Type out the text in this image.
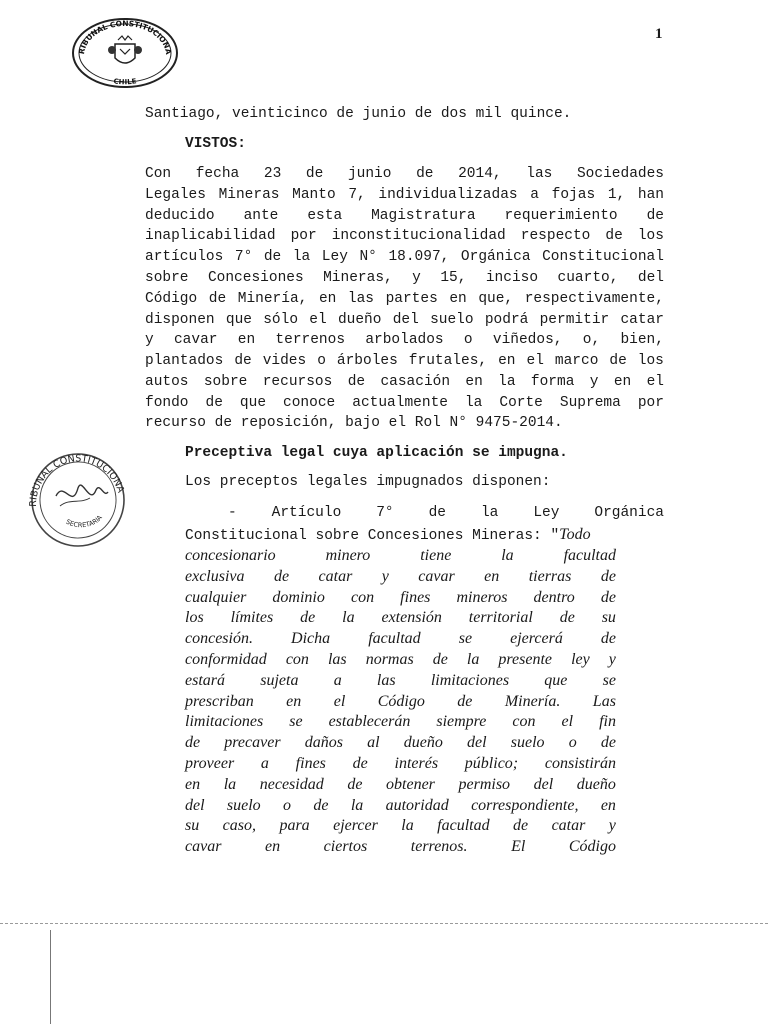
1
RIBUNAL CONSTITUCIONA
CHILE
RIBUNAL CONSTITUCIONA
SECRETARIA
Santiago, veinticinco de junio de dos mil quince.
VISTOS:
Con fecha 23 de junio de 2014, las Sociedades
Legales Mineras Manto 7, individualizadas a fojas 1, han
deducido ante esta Magistratura requerimiento de
inaplicabilidad por inconstitucionalidad respecto de los
artículos 7° de la Ley N° 18.097, Orgánica Constitucional
sobre Concesiones Mineras, y 15, inciso cuarto, del
Código de Minería, en las partes en que, respectivamente,
disponen que sólo el dueño del suelo podrá permitir catar
y cavar en terrenos arbolados o viñedos, o, bien,
plantados de vides o árboles frutales, en el marco de los
autos sobre recursos de casación en la forma y en el
fondo de que conoce actualmente la Corte Suprema por
recurso de reposición, bajo el Rol N° 9475-2014.
Preceptiva legal cuya aplicación se impugna.
Los preceptos legales impugnados disponen:
- Artículo 7° de la Ley Orgánica
Constitucional sobre Concesiones Mineras: "Todo
concesionario	minero	tiene	la	facultad
exclusiva de catar y cavar en tierras de
cualquier dominio con fines mineros dentro de
los límites de la extensión territorial de su
concesión. Dicha facultad se ejercerá de
conformidad con las normas de la presente ley y
estará sujeta a las limitaciones que se
prescriban en el Código de Minería. Las
limitaciones se establecerán siempre con el fin
de precaver daños al dueño del suelo o de
proveer a fines de interés público; consistirán
en la necesidad de obtener permiso del dueño
del suelo o de la autoridad correspondiente, en
su caso, para ejercer la facultad de catar y
cavar	en	ciertos	terrenos.	El	Código
